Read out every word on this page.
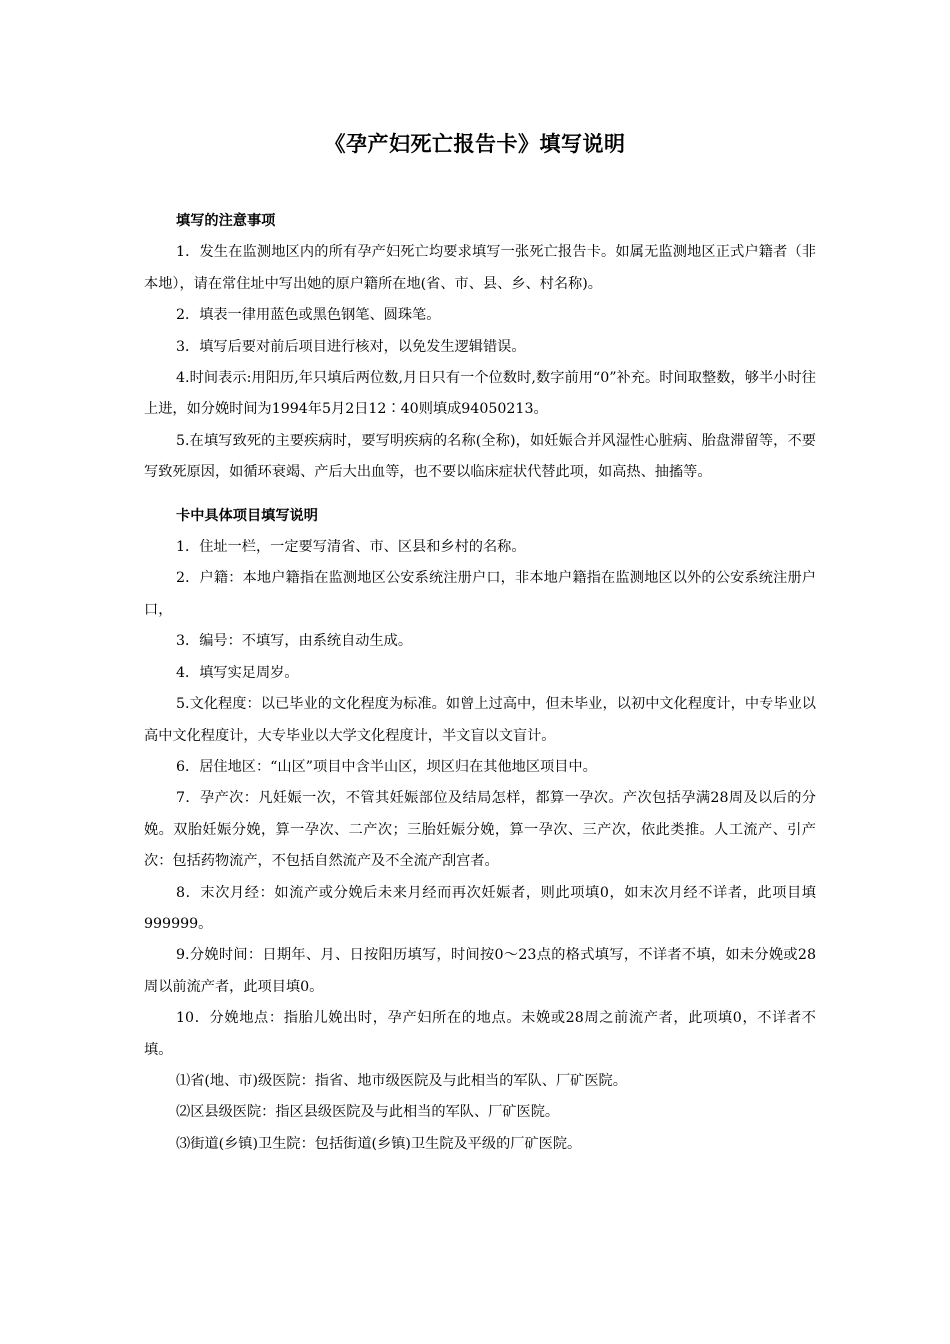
《孕产妇死亡报告卡》填写说明

填写的注意事项

1．发生在监测地区内的所有孕产妇死亡均要求填写一张死亡报告卡。如属无监测地区正式户籍者（非本地），请在常住址中写出她的原户籍所在地(省、市、县、乡、村名称)。

2．填表一律用蓝色或黑色钢笔、圆珠笔。

3．填写后要对前后项目进行核对，以免发生逻辑错误。

4.时间表示:用阳历,年只填后两位数,月日只有一个位数时,数字前用“0”补充。时间取整数，够半小时往上进，如分娩时间为1994年5月2日12∶40则填成94050213。

5.在填写致死的主要疾病时，要写明疾病的名称(全称)，如妊娠合并风湿性心脏病、胎盘滞留等，不要写致死原因，如循环衰竭、产后大出血等，也不要以临床症状代替此项，如高热、抽搐等。

卡中具体项目填写说明

1．住址一栏，一定要写清省、市、区县和乡村的名称。

2．户籍：本地户籍指在监测地区公安系统注册户口，非本地户籍指在监测地区以外的公安系统注册户口，

3．编号：不填写，由系统自动生成。

4．填写实足周岁。

5.文化程度：以已毕业的文化程度为标准。如曾上过高中，但未毕业，以初中文化程度计，中专毕业以高中文化程度计，大专毕业以大学文化程度计，半文盲以文盲计。

6．居住地区：“山区”项目中含半山区，坝区归在其他地区项目中。

7．孕产次：凡妊娠一次，不管其妊娠部位及结局怎样，都算一孕次。产次包括孕满28周及以后的分娩。双胎妊娠分娩，算一孕次、二产次；三胎妊娠分娩，算一孕次、三产次，依此类推。人工流产、引产次：包括药物流产，不包括自然流产及不全流产刮宫者。

8．末次月经：如流产或分娩后未来月经而再次妊娠者，则此项填0，如末次月经不详者，此项目填999999。

9.分娩时间：日期年、月、日按阳历填写，时间按0～23点的格式填写，不详者不填，如未分娩或28周以前流产者，此项目填0。

10．分娩地点：指胎儿娩出时，孕产妇所在的地点。未娩或28周之前流产者，此项填0，不详者不填。

⑴省(地、市)级医院：指省、地市级医院及与此相当的军队、厂矿医院。

⑵区县级医院：指区县级医院及与此相当的军队、厂矿医院。

⑶街道(乡镇)卫生院：包括街道(乡镇)卫生院及平级的厂矿医院。
